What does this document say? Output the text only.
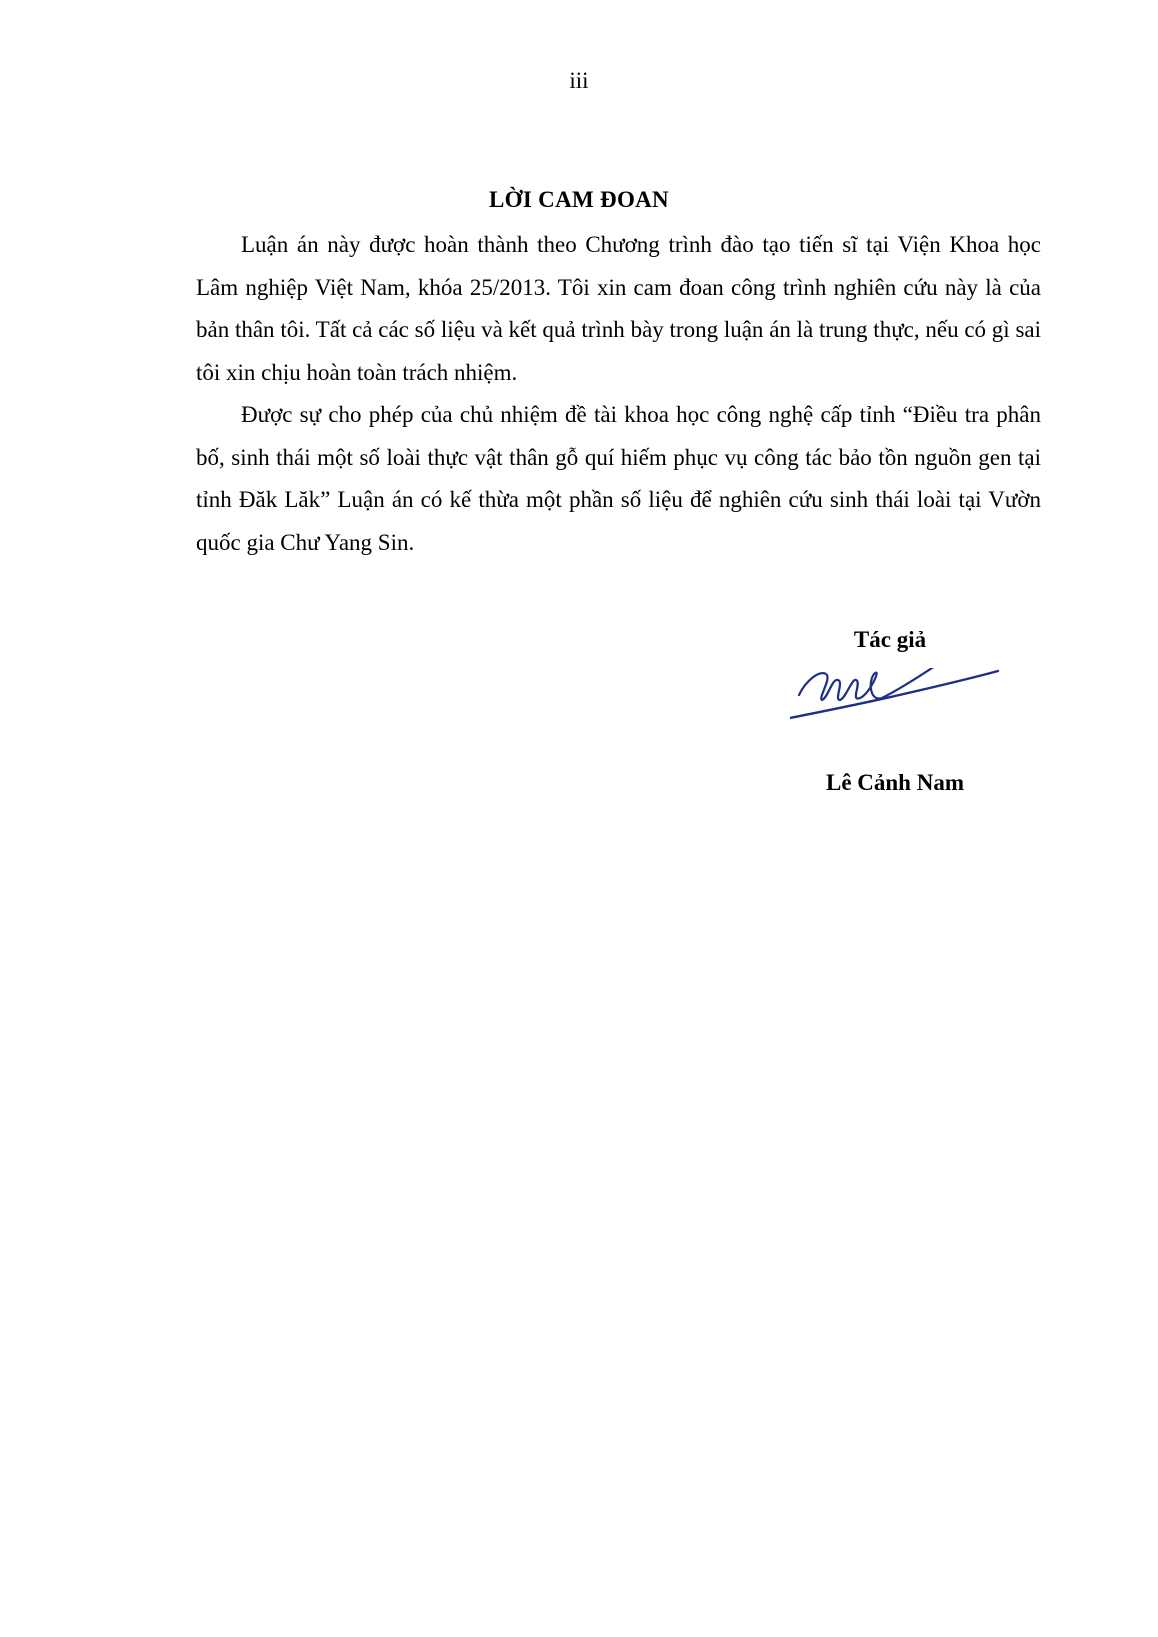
iii
LỜI CAM ĐOAN

Luận án này được hoàn thành theo Chương trình đào tạo tiến sĩ tại Viện Khoa học Lâm nghiệp Việt Nam, khóa 25/2013. Tôi xin cam đoan công trình nghiên cứu này là của bản thân tôi. Tất cả các số liệu và kết quả trình bày trong luận án là trung thực, nếu có gì sai tôi xin chịu hoàn toàn trách nhiệm.

Được sự cho phép của chủ nhiệm đề tài khoa học công nghệ cấp tỉnh “Điều tra phân bố, sinh thái một số loài thực vật thân gỗ quí hiếm phục vụ công tác bảo tồn nguồn gen tại tỉnh Đăk Lăk” Luận án có kế thừa một phần số liệu để nghiên cứu sinh thái loài tại Vườn quốc gia Chư Yang Sin.

Tác giả
Lê Cảnh Nam
